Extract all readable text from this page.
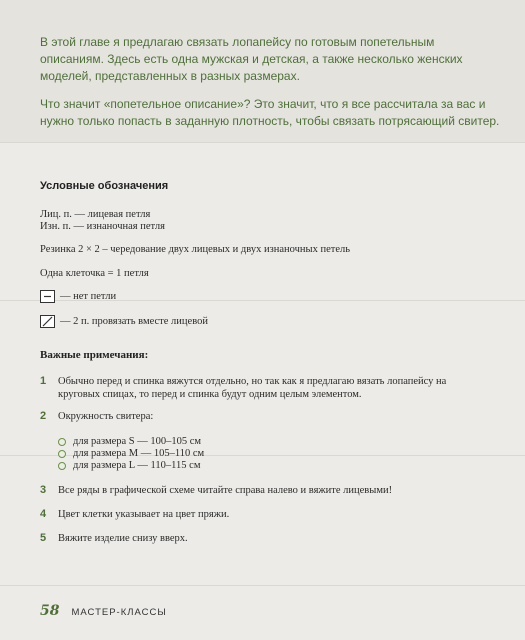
В этой главе я предлагаю связать лопапейсу по готовым попетельным описаниям. Здесь есть одна мужская и детская, а также несколько женских моделей, представленных в разных размерах.

Что значит «попетельное описание»? Это значит, что я все рассчитала за вас и нужно только попасть в заданную плотность, чтобы связать потрясающий свитер.

Условные обозначения
Лиц. п. — лицевая петля
Изн. п. — изнаночная петля
Резинка 2 × 2 – чередование двух лицевых и двух изнаночных петель
Одна клеточка = 1 петля
— нет петли
— 2 п. провязать вместе лицевой
Важные примечания:
1 Обычно перед и спинка вяжутся отдельно, но так как я предлагаю вязать лопапейсу на круговых спицах, то перед и спинка будут одним целым элементом.
2 Окружность свитера:
для размера S — 100–105 см
для размера M — 105–110 см
для размера L — 110–115 см
3 Все ряды в графической схеме читайте справа налево и вяжите лицевыми!
4 Цвет клетки указывает на цвет пряжи.
5 Вяжите изделие снизу вверх.
58 МАСТЕР-КЛАССЫ
